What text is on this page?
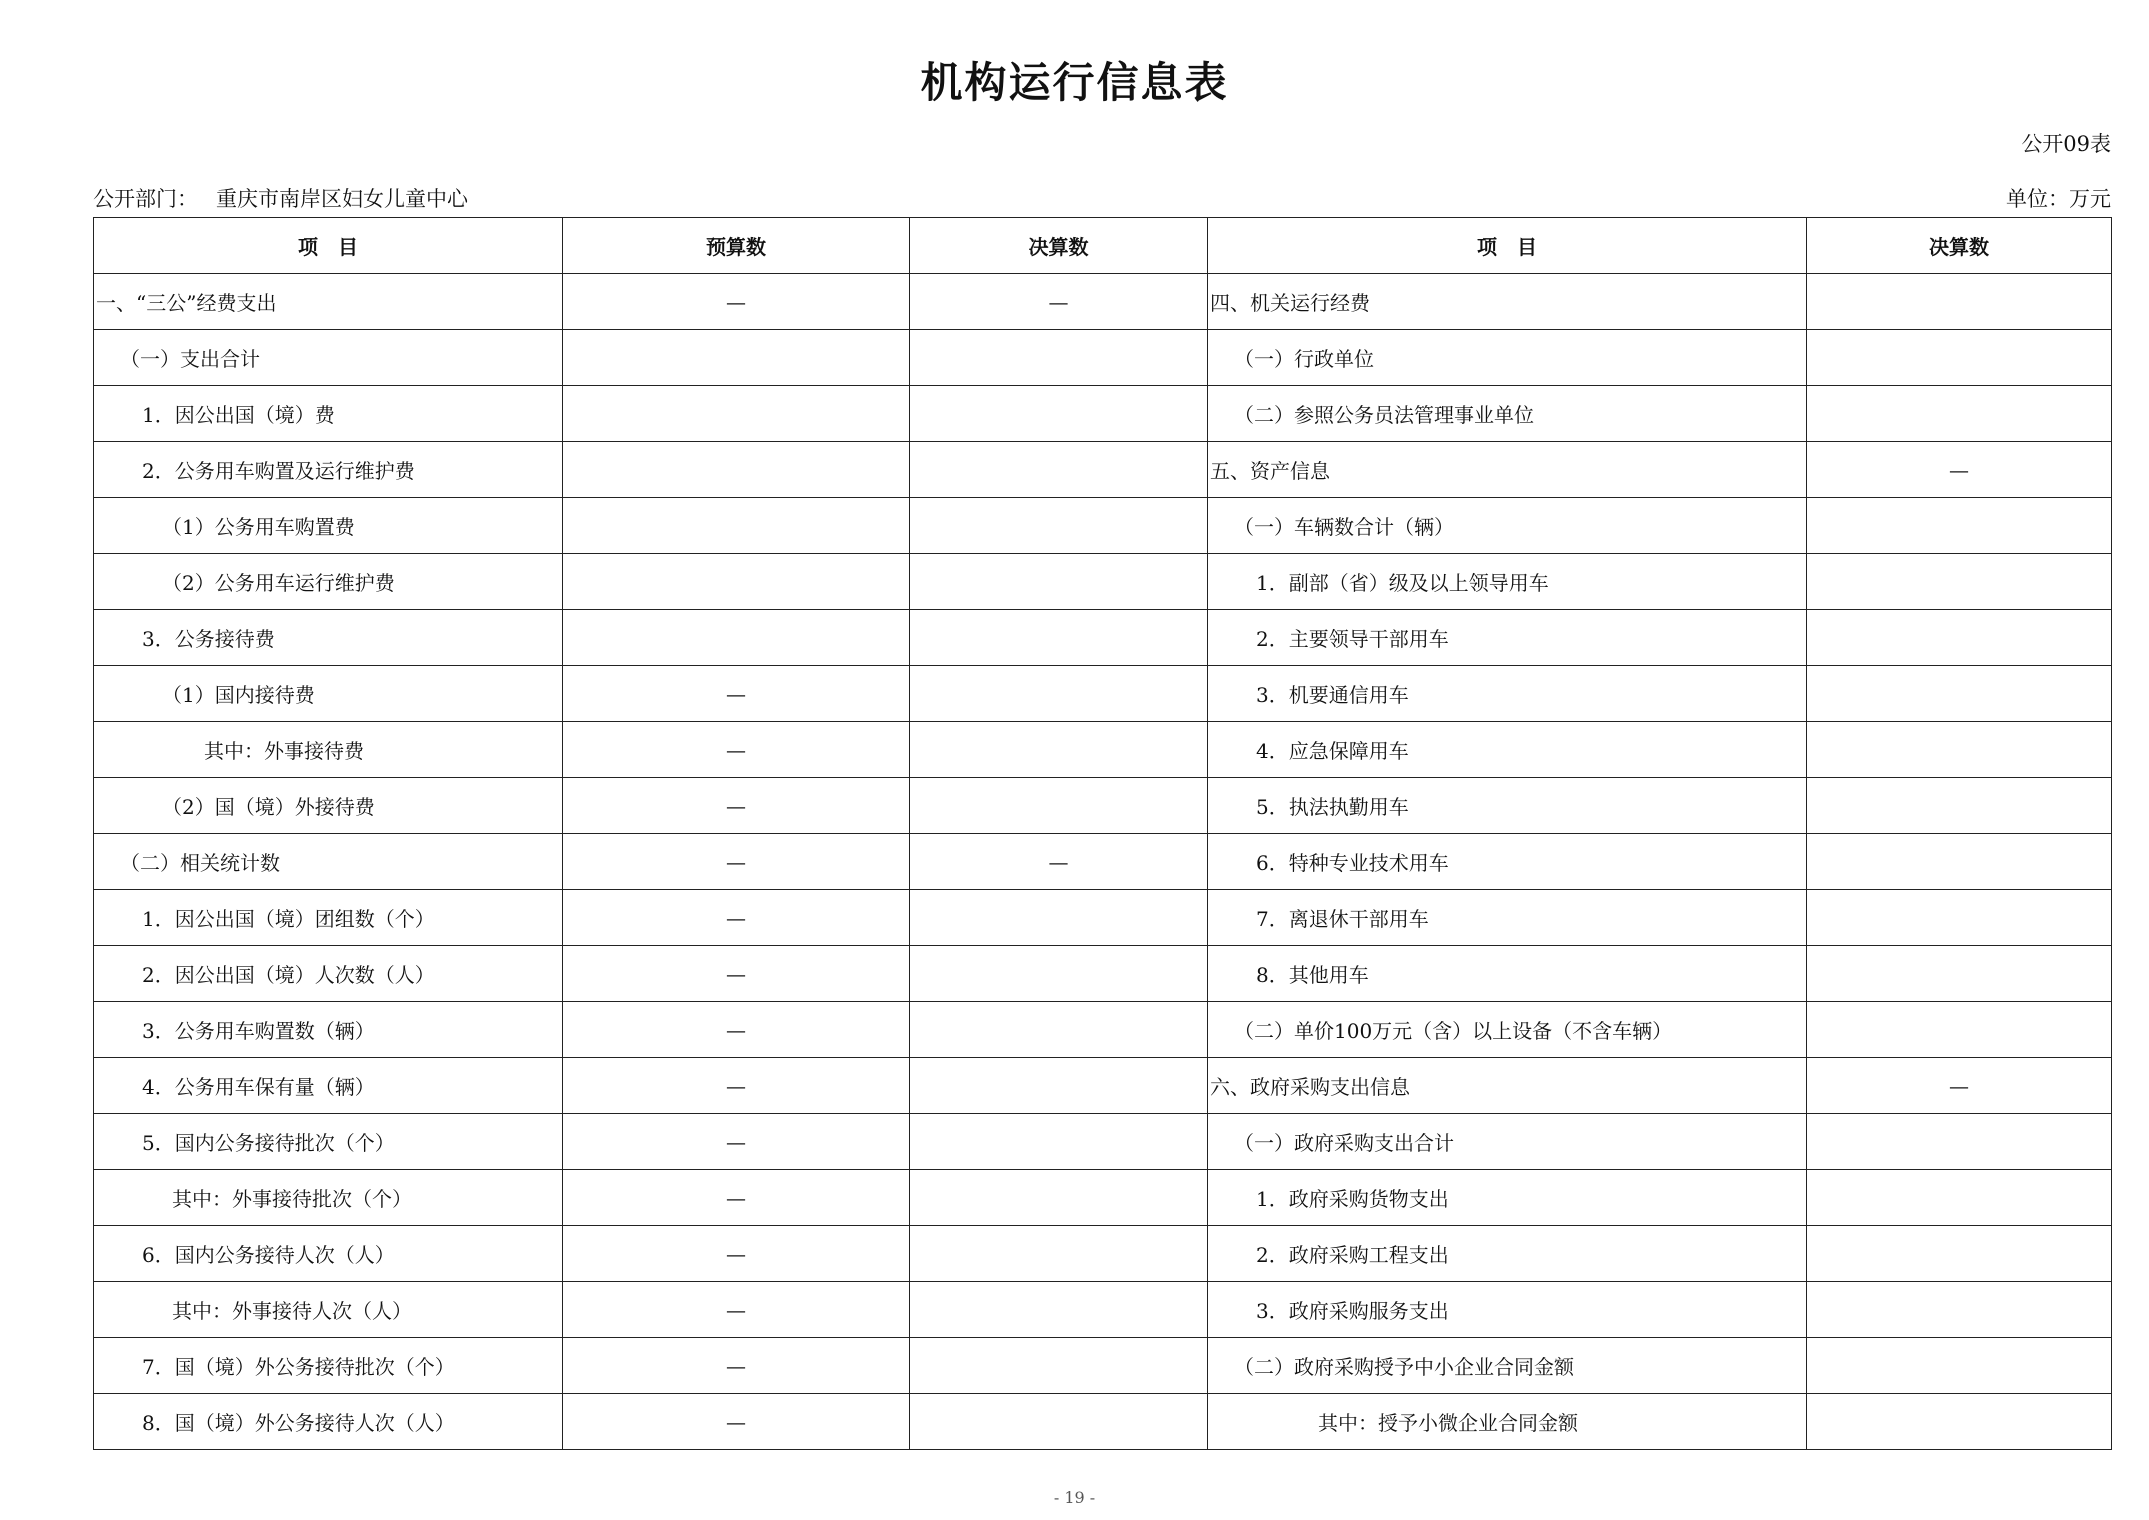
机构运行信息表
公开09表
公开部门： 重庆市南岸区妇女儿童中心	单位：万元
项　目	预算数	决算数	项　目	决算数
一、“三公”经费支出	—	—	四、机关运行经费	
（一）支出合计			（一）行政单位	
1．因公出国（境）费			（二）参照公务员法管理事业单位	
2．公务用车购置及运行维护费			五、资产信息	—
（1）公务用车购置费			（一）车辆数合计（辆）	
（2）公务用车运行维护费			1．副部（省）级及以上领导用车	
3．公务接待费			2．主要领导干部用车	
（1）国内接待费	—		3．机要通信用车	
其中：外事接待费	—		4．应急保障用车	
（2）国（境）外接待费	—		5．执法执勤用车	
（二）相关统计数	—	—	6．特种专业技术用车	
1．因公出国（境）团组数（个）	—		7．离退休干部用车	
2．因公出国（境）人次数（人）	—		8．其他用车	
3．公务用车购置数（辆）	—		（二）单价100万元（含）以上设备（不含车辆）	
4．公务用车保有量（辆）	—		六、政府采购支出信息	—
5．国内公务接待批次（个）	—		（一）政府采购支出合计	
其中：外事接待批次（个）	—		1．政府采购货物支出	
6．国内公务接待人次（人）	—		2．政府采购工程支出	
其中：外事接待人次（人）	—		3．政府采购服务支出	
7．国（境）外公务接待批次（个）	—		（二）政府采购授予中小企业合同金额	
8．国（境）外公务接待人次（人）	—		其中：授予小微企业合同金额	
- 19 -
